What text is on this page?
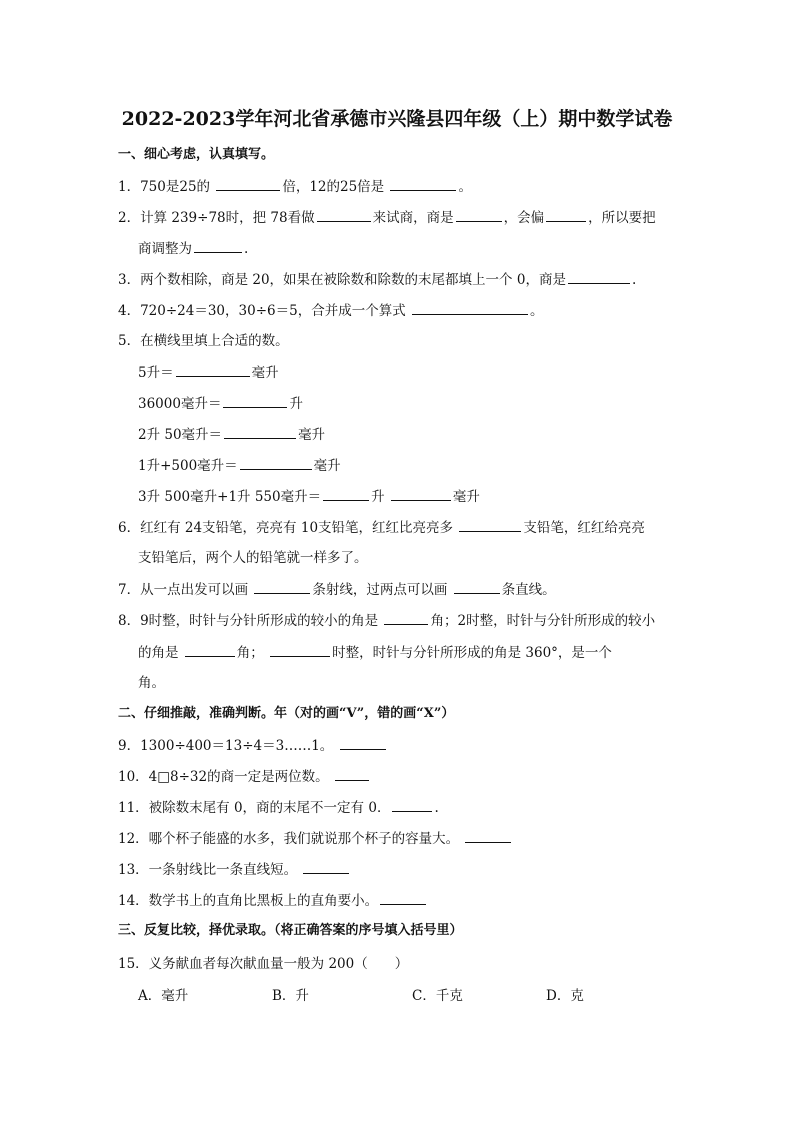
2022-2023学年河北省承德市兴隆县四年级（上）期中数学试卷
一、细心考虑，认真填写。
1．750是25的	倍，12的25倍是	。
2．计算 239÷78时，把 78看做	来试商，商是	，会偏	，所以要把
商调整为	.
3．两个数相除，商是 20，如果在被除数和除数的末尾都填上一个 0，商是	.
4．720÷24＝30，30÷6＝5，合并成一个算式	。
5．在横线里填上合适的数。
5升＝	毫升
36000毫升＝	升
2升 50毫升＝	毫升
1升+500毫升＝	毫升
3升 500毫升+1升 550毫升＝	升	毫升
6．红红有 24支铅笔，亮亮有 10支铅笔，红红比亮亮多	支铅笔，红红给亮亮
支铅笔后，两个人的铅笔就一样多了。
7．从一点出发可以画	条射线，过两点可以画	条直线。
8．9时整，时针与分针所形成的较小的角是	角；2时整，时针与分针所形成的较小
的角是	角；	时整，时针与分针所形成的角是 360°，是一个
角。
二、仔细推敲，准确判断。年（对的画“V”，错的画“X”）
9．1300÷400＝13÷4＝3……1。
10．4□8÷32的商一定是两位数。
11．被除数末尾有 0，商的末尾不一定有 0．	.
12．哪个杯子能盛的水多，我们就说那个杯子的容量大。
13．一条射线比一条直线短。
14．数学书上的直角比黑板上的直角要小。
三、反复比较，择优录取。（将正确答案的序号填入括号里）
15．义务献血者每次献血量一般为 200（　　）
A．毫升	B．升	C．千克	D．克
